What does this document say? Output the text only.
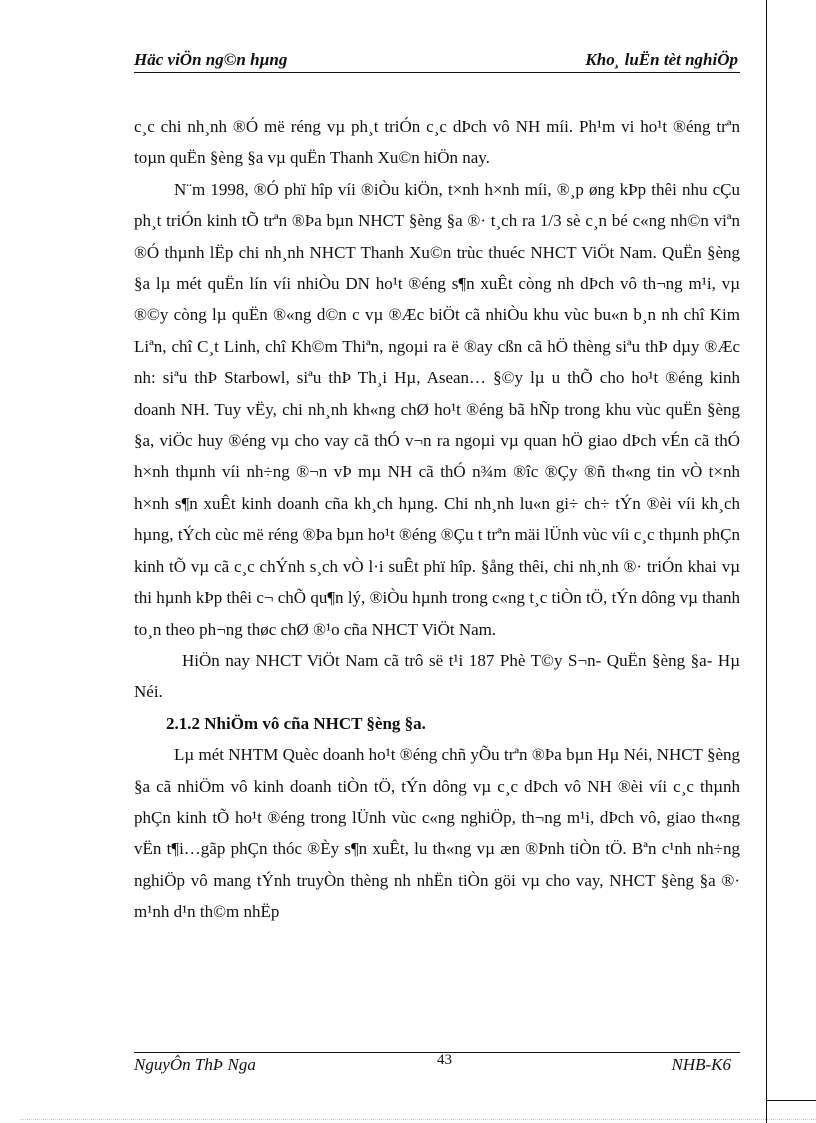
Häc viÖn ng©n hµng	Kho¸ luËn tèt nghiÖp

c¸c chi nh¸nh ®Ó më réng vµ ph¸t triÓn c¸c dÞch vô NH míi. Ph¹m vi ho¹t ®éng trªn toµn quËn §èng §a vµ quËn Thanh Xu©n hiÖn nay.

N¨m 1998, ®Ó phï hîp víi ®iÒu kiÖn, t×nh h×nh míi, ®¸p øng kÞp thêi nhu cÇu ph¸t triÓn kinh tÕ trªn ®Þa bµn NHCT §èng §a ®· t¸ch ra 1/3 sè c¸n bé c«ng nh©n viªn ®Ó thµnh lËp chi nh¸nh NHCT Thanh Xu©n trùc thuéc NHCT ViÖt Nam. QuËn §èng §a lµ mét quËn lín víi nhiÒu DN ho¹t ®éng s¶n xuÊt còng nh dÞch vô th¬ng m¹i, vµ ®©y còng lµ quËn ®«ng d©n c vµ ®Æc biÖt cã nhiÒu khu vùc bu«n b¸n nh chî Kim Liªn, chî C¸t Linh, chî Kh©m Thiªn, ngoµi ra ë ®ay cßn cã hÖ thèng siªu thÞ dµy ®Æc nh: siªu thÞ Starbowl, siªu thÞ Th¸i Hµ, Asean… §©y lµ u thÕ cho ho¹t ®éng kinh doanh NH. Tuy vËy, chi nh¸nh kh«ng chØ ho¹t ®éng bã hÑp trong khu vùc quËn §èng §a, viÖc huy ®éng vµ cho vay cã thÓ v¬n ra ngoµi vµ quan hÖ giao dÞch vÉn cã thÓ h×nh thµnh víi nh÷ng ®¬n vÞ mµ NH cã thÓ n¾m ®îc ®Çy ®ñ th«ng tin vÒ t×nh h×nh s¶n xuÊt kinh doanh cña kh¸ch hµng. Chi nh¸nh lu«n gi÷ ch÷ tÝn ®èi víi kh¸ch hµng, tÝch cùc më réng ®Þa bµn ho¹t ®éng ®Çu t trªn mäi lÜnh vùc víi c¸c thµnh phÇn kinh tÕ vµ cã c¸c chÝnh s¸ch vÒ l·i suÊt phï hîp. §ång thêi, chi nh¸nh ®· triÓn khai vµ thi hµnh kÞp thêi c¬ chÕ qu¶n lý, ®iÒu hµnh trong c«ng t¸c tiÒn tÖ, tÝn dông vµ thanh to¸n theo ph¬ng thøc chØ ®¹o cña NHCT ViÖt Nam.

HiÖn nay NHCT ViÖt Nam cã trô së t¹i 187 Phè T©y S¬n- QuËn §èng §a- Hµ Néi.

2.1.2 NhiÖm vô cña NHCT §èng §a.

Lµ mét NHTM Quèc doanh ho¹t ®éng chñ yÕu trªn ®Þa bµn Hµ Néi, NHCT §èng §a cã nhiÖm vô kinh doanh tiÒn tÖ, tÝn dông vµ c¸c dÞch vô NH ®èi víi c¸c thµnh phÇn kinh tÕ ho¹t ®éng trong lÜnh vùc c«ng nghiÖp, th¬ng m¹i, dÞch vô, giao th«ng vËn t¶i…gãp phÇn thóc ®Èy s¶n xuÊt, lu th«ng vµ æn ®Þnh tiÒn tÖ. Bªn c¹nh nh÷ng nghiÖp vô mang tÝnh truyÒn thèng nh nhËn tiÒn göi vµ cho vay, NHCT §èng §a ®· m¹nh d¹n th©m nhËp

NguyÔn ThÞ Nga	43	NHB-K6
